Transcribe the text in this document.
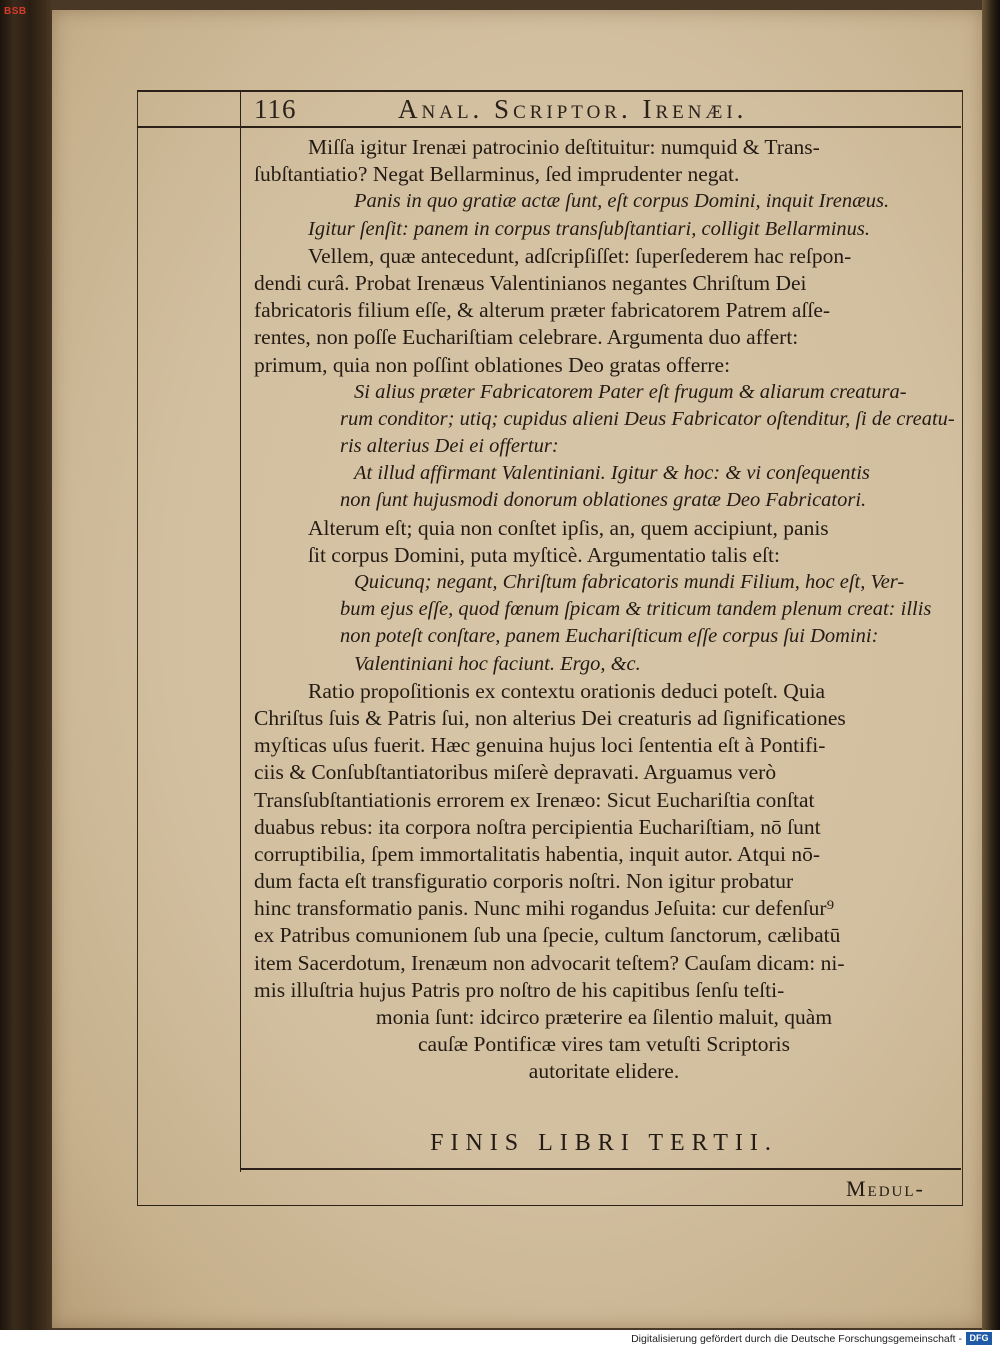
BSB
116	Anal. Scriptor. Irenæi.
Miſſa igitur Irenæi patrocinio deſtituitur: numquid & Trans-
ſubſtantiatio? Negat Bellarminus, ſed imprudenter negat.
Panis in quo gratiæ actæ ſunt, eſt corpus Domini, inquit Irenæus.
Igitur ſenſit: panem in corpus transſubſtantiari, colligit Bellarminus.
Vellem, quæ antecedunt, adſcripſiſſet: ſuperſederem hac reſpon-
dendi curâ. Probat Irenæus Valentinianos negantes Chriſtum Dei
fabricatoris filium eſſe, & alterum præter fabricatorem Patrem aſſe-
rentes, non poſſe Euchariſtiam celebrare. Argumenta duo affert:
primum, quia non poſſint oblationes Deo gratas offerre:
Si alius præter Fabricatorem Pater eſt frugum & aliarum creatura-
rum conditor; utiq; cupidus alieni Deus Fabricator oſtenditur, ſi de creatu-
ris alterius Dei ei offertur:
At illud affirmant Valentiniani. Igitur & hoc: & vi conſequentis
non ſunt hujusmodi donorum oblationes gratæ Deo Fabricatori.
Alterum eſt; quia non conſtet ipſis, an, quem accipiunt, panis
ſit corpus Domini, puta myſticè. Argumentatio talis eſt:
Quicunq; negant, Chriſtum fabricatoris mundi Filium, hoc eſt, Ver-
bum ejus eſſe, quod fœnum ſpicam & triticum tandem plenum creat: illis
non poteſt conſtare, panem Euchariſticum eſſe corpus ſui Domini:
Valentiniani hoc faciunt. Ergo, &c.
Ratio propoſitionis ex contextu orationis deduci poteſt. Quia
Chriſtus ſuis & Patris ſui, non alterius Dei creaturis ad ſignificationes
myſticas uſus fuerit. Hæc genuina hujus loci ſententia eſt à Pontifi-
ciis & Conſubſtantiatoribus miſerè depravati. Arguamus verò
Transſubſtantiationis errorem ex Irenæo: Sicut Euchariſtia conſtat
duabus rebus: ita corpora noſtra percipientia Euchariſtiam, nō ſunt
corruptibilia, ſpem immortalitatis habentia, inquit autor. Atqui nō-
dum facta eſt transfiguratio corporis noſtri. Non igitur probatur
hinc transformatio panis. Nunc mihi rogandus Jeſuita: cur defenſur⁹
ex Patribus comunionem ſub una ſpecie, cultum ſanctorum, cælibatū
item Sacerdotum, Irenæum non advocarit teſtem? Cauſam dicam: ni-
mis illuſtria hujus Patris pro noſtro de his capitibus ſenſu teſti-
monia ſunt: idcirco præterire ea ſilentio maluit, quàm
cauſæ Pontificæ vires tam vetuſti Scriptoris
autoritate elidere.
FINIS LIBRI TERTII.
Medul-
Digitalisierung gefördert durch die Deutsche Forschungsgemeinschaft - DFG
